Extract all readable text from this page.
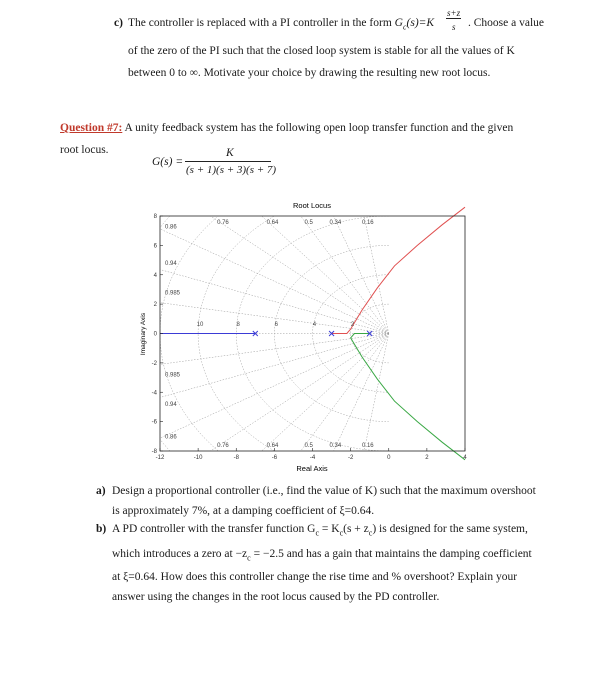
c) The controller is replaced with a PI controller in the form $G_c(s)=K$
s+z
s . Choose a value
of the zero of the PI such that the closed loop system is stable for all the values of K
between 0 to ∞. Motivate your choice by drawing the resulting new root locus.
Question #7: A unity feedback system has the following open loop transfer function and the given
root locus.
G(s) =
K
(s + 1)(s + 3)(s + 7)
Root Locus
Real Axis
Imaginary Axis
-12	-10	-8	-6	-4	-2	0	2	4
8
6
4
2
0
-2
-4
-6
-8
0.86
0.94
0.985
0.985
0.94
0.86
0.76	0.64	0.5	0.34	0.16
0.76	0.64	0.5	0.34	0.16
10	8	6	4	2
a) Design a proportional controller (i.e., find the value of K) such that the maximum overshoot
is approximately 7%, at a damping coefficient of ξ=0.64.
b) A PD controller with the transfer function $G_c = K_c(s + z_c)$ is designed for the same system,
which introduces a zero at $-z_c = -2.5$ and has a gain that maintains the damping coefficient
at ξ=0.64. How does this controller change the rise time and % overshoot? Explain your
answer using the changes in the root locus caused by the PD controller.
